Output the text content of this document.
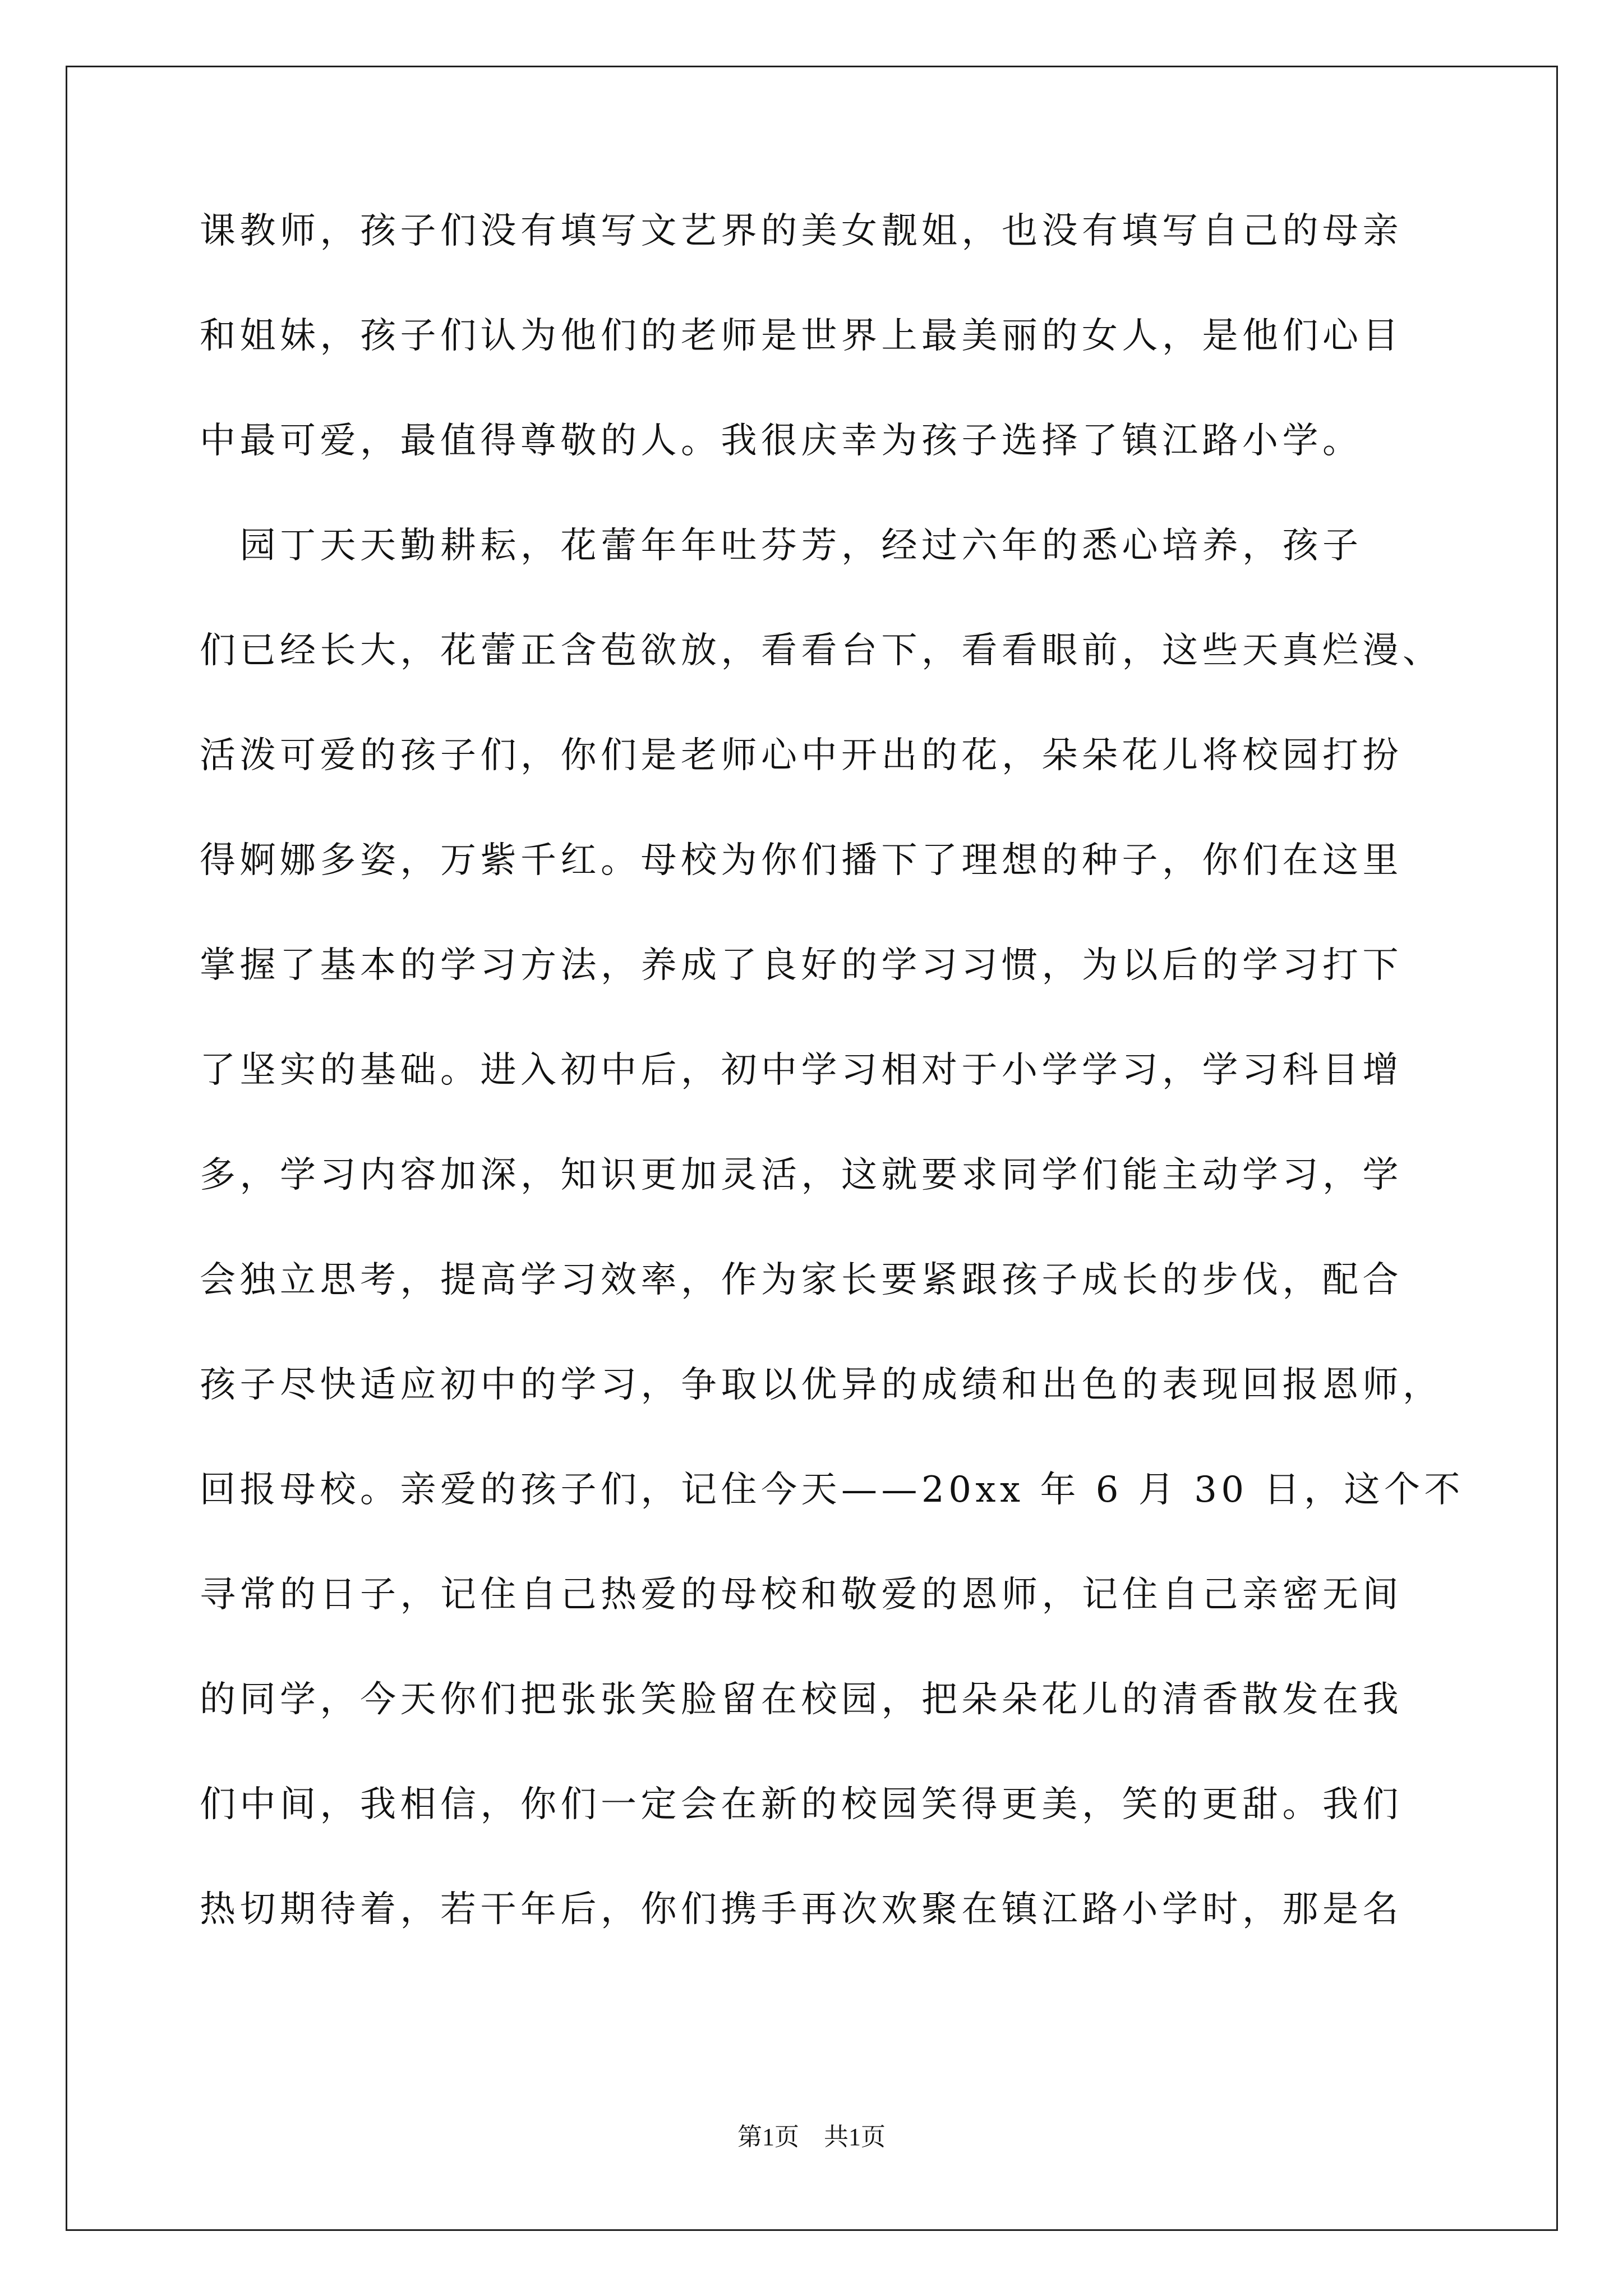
课教师，孩子们没有填写文艺界的美女靓姐，也没有填写自己的母亲
和姐妹，孩子们认为他们的老师是世界上最美丽的女人，是他们心目
中最可爱，最值得尊敬的人。我很庆幸为孩子选择了镇江路小学。
　园丁天天勤耕耘，花蕾年年吐芬芳，经过六年的悉心培养，孩子
们已经长大，花蕾正含苞欲放，看看台下，看看眼前，这些天真烂漫、
活泼可爱的孩子们，你们是老师心中开出的花，朵朵花儿将校园打扮
得婀娜多姿，万紫千红。母校为你们播下了理想的种子，你们在这里
掌握了基本的学习方法，养成了良好的学习习惯，为以后的学习打下
了坚实的基础。进入初中后，初中学习相对于小学学习，学习科目增
多，学习内容加深，知识更加灵活，这就要求同学们能主动学习，学
会独立思考，提高学习效率，作为家长要紧跟孩子成长的步伐，配合
孩子尽快适应初中的学习，争取以优异的成绩和出色的表现回报恩师，
回报母校。亲爱的孩子们，记住今天——20xx 年 6 月 30 日，这个不
寻常的日子，记住自己热爱的母校和敬爱的恩师，记住自己亲密无间
的同学，今天你们把张张笑脸留在校园，把朵朵花儿的清香散发在我
们中间，我相信，你们一定会在新的校园笑得更美，笑的更甜。我们
热切期待着，若干年后，你们携手再次欢聚在镇江路小学时，那是名
第1页　共1页
